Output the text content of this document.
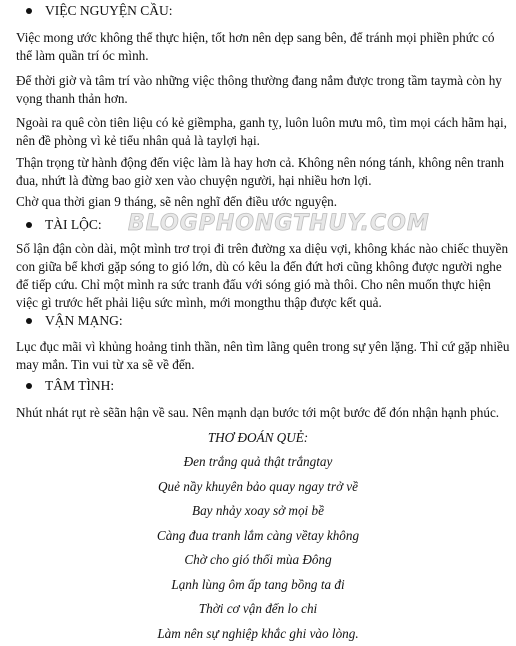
VIỆC NGUYỆN CẦU:

Việc mong ước không thể thực hiện, tốt hơn nên dẹp sang bên, để tránh mọi phiền phức có thể làm quần trí óc mình.

Để thời giờ và tâm trí vào những việc thông thường đang nắm được trong tầm taymà còn hy vọng thanh thản hơn.

Ngoài ra quê còn tiên liệu có kẻ giềmpha, ganh tỵ, luôn luôn mưu mô, tìm mọi cách hãm hại, nên đề phòng vì kẻ tiểu nhân quả là taylợi hại.

Thận trọng từ hành động đến việc làm là hay hơn cả. Không nên nóng tánh, không nên tranh đua, nhứt là đừng bao giờ xen vào chuyện người, hại nhiều hơn lợi.

Chờ qua thời gian 9 tháng, sẽ nên nghĩ đến điều ước nguyện.

TÀI LỘC: BLOGPHONGTHUY.COM

Số lận đận còn dài, một mình trơ trọi đi trên đường xa diệu vợi, không khác nào chiếc thuyền con giữa bể khơi gặp sóng to gió lớn, dù có kêu la đến đứt hơi cũng không được người nghe để tiếp cứu. Chỉ một mình ra sức tranh đấu với sóng gió mà thôi. Cho nên muốn thực hiện việc gì trước hết phải liệu sức mình, mới mongthu thập được kết quả.

VẬN MẠNG:

Lục đục mãi vì khủng hoảng tinh thần, nên tìm lãng quên trong sự yên lặng. Thỉ cứ gặp nhiều may mắn. Tin vui từ xa sẽ về đến.

TÂM TÌNH:

Nhút nhát rụt rè sẽãn hận về sau. Nên mạnh dạn bước tới một bước để đón nhận hạnh phúc.

THƠ ĐOÁN QUẺ:
Đen trắng quả thật trắngtay
Quẻ nầy khuyên bảo quay ngay trở về
Bay nhảy xoay sở mọi bề
Càng đua tranh lắm càng vềtay không
Chờ cho gió thổi mùa Đông
Lạnh lùng ôm ấp tang bồng ta đi
Thời cơ vận đến lo chi
Làm nên sự nghiệp khắc ghi vào lòng.
